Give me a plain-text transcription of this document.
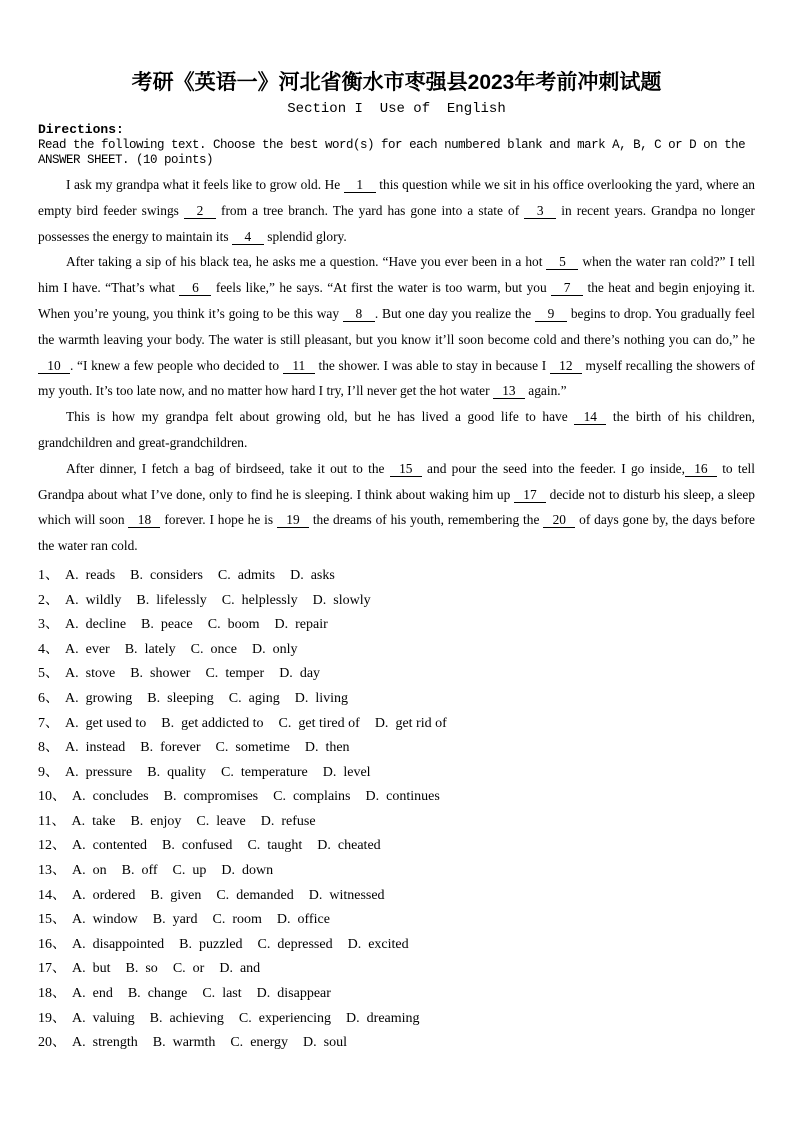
考研《英语一》河北省衡水市枣强县2023年考前冲刺试题
Section I  Use of  English
Directions:
Read the following text. Choose the best word(s) for each numbered blank and mark A, B, C or D on the ANSWER SHEET. (10 points)

I ask my grandpa what it feels like to grow old. He 1 this question while we sit in his office overlooking the yard, where an empty bird feeder swings 2 from a tree branch. The yard has gone into a state of 3 in recent years. Grandpa no longer possesses the energy to maintain its 4 splendid glory.

After taking a sip of his black tea, he asks me a question. “Have you ever been in a hot 5 when the water ran cold?” I tell him I have. “That’s what 6 feels like,” he says. “At first the water is too warm, but you 7 the heat and begin enjoying it. When you’re young, you think it’s going to be this way 8 . But one day you realize the 9 begins to drop. You gradually feel the warmth leaving your body. The water is still pleasant, but you know it’ll soon become cold and there’s nothing you can do,” he 10 . “I knew a few people who decided to 11 the shower. I was able to stay in because I 12 myself recalling the showers of my youth. It’s too late now, and no matter how hard I try, I’ll never get the hot water 13 again.”

This is how my grandpa felt about growing old, but he has lived a good life to have 14 the birth of his children, grandchildren and great-grandchildren.

After dinner, I fetch a bag of birdseed, take it out to the 15 and pour the seed into the feeder. I go inside, 16 to tell Grandpa about what I’ve done, only to find he is sleeping. I think about waking him up 17 decide not to disturb his sleep, a sleep which will soon 18 forever. I hope he is 19 the dreams of his youth, remembering the 20 of days gone by, the days before the water ran cold.

1、 A. reads B. considers C. admits D. asks
2、 A. wildly B. lifelessly C. helplessly D. slowly
3、 A. decline B. peace C. boom D. repair
4、 A. ever B. lately C. once D. only
5、 A. stove B. shower C. temper D. day
6、 A. growing B. sleeping C. aging D. living
7、 A. get used to B. get addicted to C. get tired of D. get rid of
8、 A. instead B. forever C. sometime D. then
9、 A. pressure B. quality C. temperature D. level
10、 A. concludes B. compromises C. complains D. continues
11、 A. take B. enjoy C. leave D. refuse
12、 A. contented B. confused C. taught D. cheated
13、 A. on B. off C. up D. down
14、 A. ordered B. given C. demanded D. witnessed
15、 A. window B. yard C. room D. office
16、 A. disappointed B. puzzled C. depressed D. excited
17、 A. but B. so C. or D. and
18、 A. end B. change C. last D. disappear
19、 A. valuing B. achieving C. experiencing D. dreaming
20、 A. strength B. warmth C. energy D. soul
